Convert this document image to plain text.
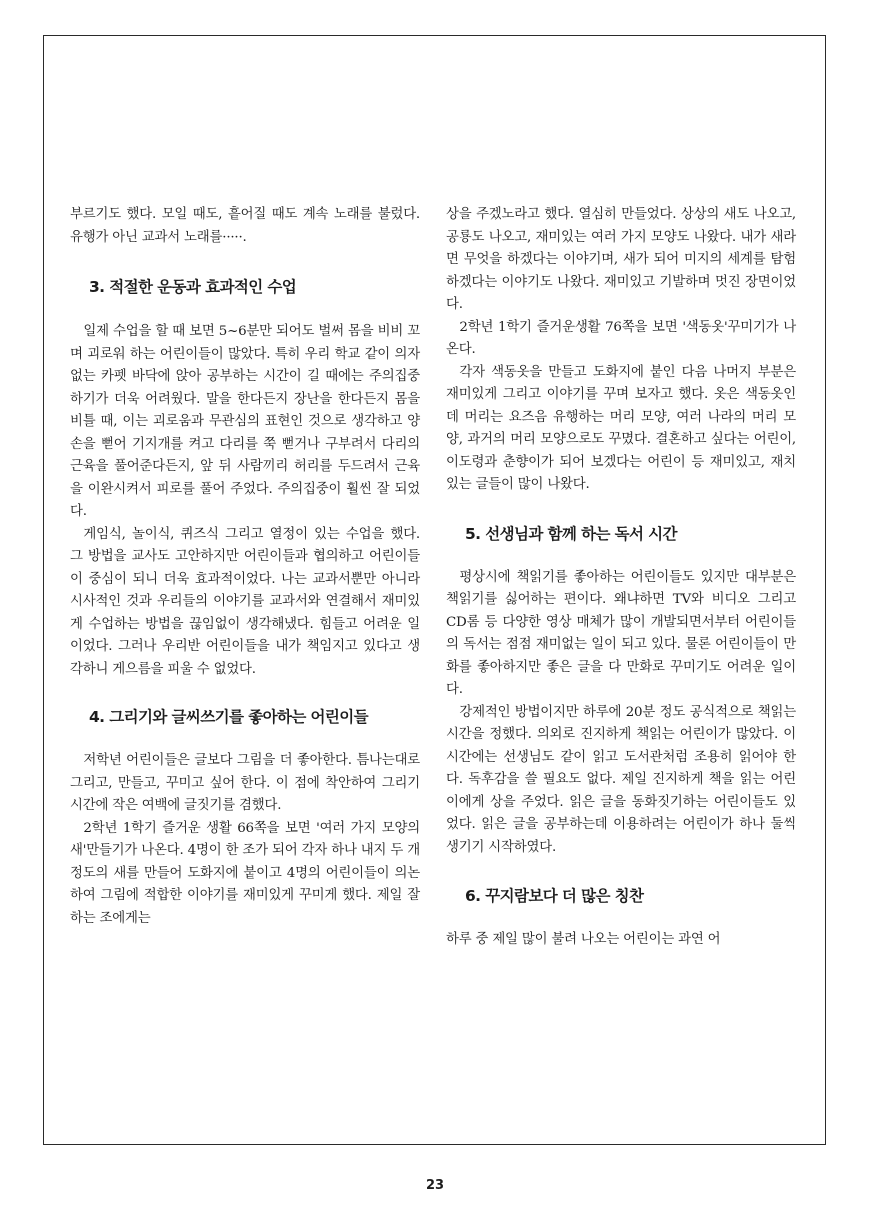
부르기도 했다. 모일 때도, 흩어질 때도 계속 노래를 불렀다. 유행가 아닌 교과서 노래를·····.

3. 적절한 운동과 효과적인 수업

일제 수업을 할 때 보면 5~6분만 되어도 벌써 몸을 비비 꼬며 괴로워 하는 어린이들이 많았다. 특히 우리 학교 같이 의자 없는 카펫 바닥에 앉아 공부하는 시간이 길 때에는 주의집중하기가 더욱 어려웠다. 말을 한다든지 장난을 한다든지 몸을 비틀 때, 이는 괴로움과 무관심의 표현인 것으로 생각하고 양손을 뻗어 기지개를 켜고 다리를 쭉 뻗거나 구부려서 다리의 근육을 풀어준다든지, 앞 뒤 사람끼리 허리를 두드려서 근육을 이완시켜서 피로를 풀어 주었다. 주의집중이 훨씬 잘 되었다.

게임식, 놀이식, 퀴즈식 그리고 열정이 있는 수업을 했다. 그 방법을 교사도 고안하지만 어린이들과 협의하고 어린이들이 중심이 되니 더욱 효과적이었다. 나는 교과서뿐만 아니라 시사적인 것과 우리들의 이야기를 교과서와 연결해서 재미있게 수업하는 방법을 끊임없이 생각해냈다. 힘들고 어려운 일이었다. 그러나 우리반 어린이들을 내가 책임지고 있다고 생각하니 게으름을 피울 수 없었다.

4. 그리기와 글씨쓰기를 좋아하는 어린이들

저학년 어린이들은 글보다 그림을 더 좋아한다. 틈나는대로 그리고, 만들고, 꾸미고 싶어 한다. 이 점에 착안하여 그리기 시간에 작은 여백에 글짓기를 겸했다.

2학년 1학기 즐거운 생활 66쪽을 보면 '여러 가지 모양의 새'만들기가 나온다. 4명이 한 조가 되어 각자 하나 내지 두 개 정도의 새를 만들어 도화지에 붙이고 4명의 어린이들이 의논하여 그림에 적합한 이야기를 재미있게 꾸미게 했다. 제일 잘하는 조에게는

상을 주겠노라고 했다. 열심히 만들었다. 상상의 새도 나오고, 공룡도 나오고, 재미있는 여러 가지 모양도 나왔다. 내가 새라면 무엇을 하겠다는 이야기며, 새가 되어 미지의 세계를 탐험하겠다는 이야기도 나왔다. 재미있고 기발하며 멋진 장면이었다.

2학년 1학기 즐거운생활 76쪽을 보면 '색동옷'꾸미기가 나온다.

각자 색동옷을 만들고 도화지에 붙인 다음 나머지 부분은 재미있게 그리고 이야기를 꾸며 보자고 했다. 옷은 색동옷인데 머리는 요즈음 유행하는 머리 모양, 여러 나라의 머리 모양, 과거의 머리 모양으로도 꾸몄다. 결혼하고 싶다는 어린이, 이도령과 춘향이가 되어 보겠다는 어린이 등 재미있고, 재치있는 글들이 많이 나왔다.

5. 선생님과 함께 하는 독서 시간

평상시에 책읽기를 좋아하는 어린이들도 있지만 대부분은 책읽기를 싫어하는 편이다. 왜냐하면 TV와 비디오 그리고 CD롬 등 다양한 영상 매체가 많이 개발되면서부터 어린이들의 독서는 점점 재미없는 일이 되고 있다. 물론 어린이들이 만화를 좋아하지만 좋은 글을 다 만화로 꾸미기도 어려운 일이다.

강제적인 방법이지만 하루에 20분 정도 공식적으로 책읽는 시간을 정했다. 의외로 진지하게 책읽는 어린이가 많았다. 이 시간에는 선생님도 같이 읽고 도서관처럼 조용히 읽어야 한다. 독후감을 쓸 필요도 없다. 제일 진지하게 책을 읽는 어린이에게 상을 주었다. 읽은 글을 동화짓기하는 어린이들도 있었다. 읽은 글을 공부하는데 이용하려는 어린이가 하나 둘씩 생기기 시작하였다.

6. 꾸지람보다 더 많은 칭찬

하루 중 제일 많이 불려 나오는 어린이는 과연 어

23
